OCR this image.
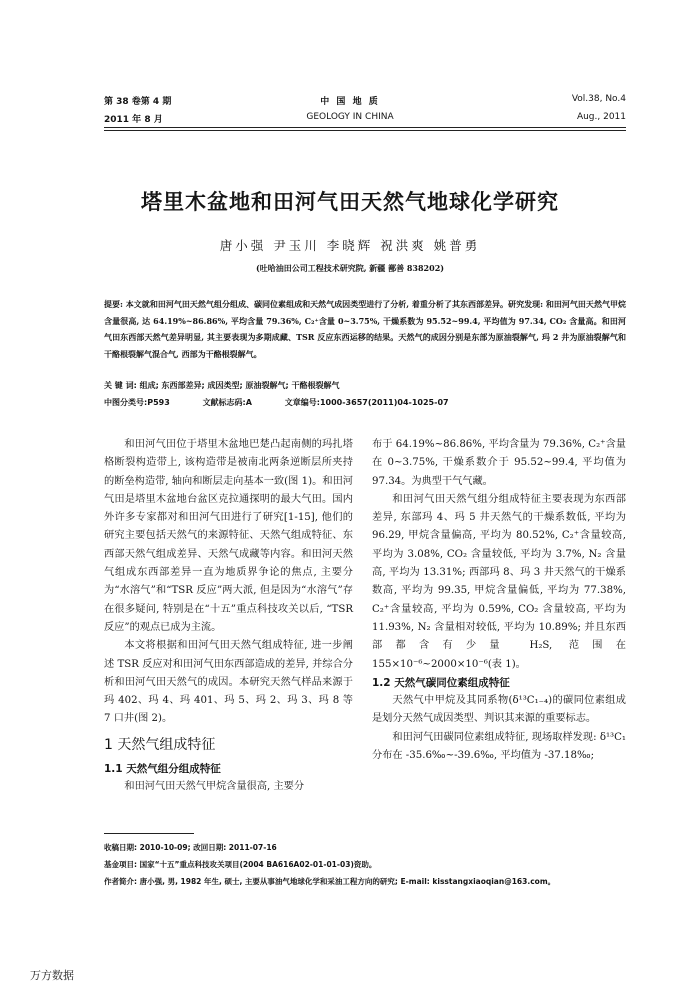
第 38 卷第 4 期
2011 年 8 月
中 国 地 质
GEOLOGY IN CHINA
Vol.38, No.4
Aug., 2011
塔里木盆地和田河气田天然气地球化学研究
唐小强 尹玉川 李晓辉 祝洪爽 姚普勇
(吐哈油田公司工程技术研究院, 新疆 鄯善 838202)
提要: 本文就和田河气田天然气组分组成、碳同位素组成和天然气成因类型进行了分析, 着重分析了其东西部差异。研究发现: 和田河气田天然气甲烷含量很高, 达 64.19%~86.86%, 平均含量 79.36%, C₂⁺含量 0~3.75%, 干燥系数为 95.52~99.4, 平均值为 97.34, CO₂ 含量高。和田河气田东西部天然气差异明显, 其主要表现为多期成藏、TSR 反应东西运移的结果。天然气的成因分别是东部为原油裂解气, 玛 2 井为原油裂解气和干酪根裂解气混合气, 西部为干酪根裂解气。
关 键 词: 组成; 东西部差异; 成因类型; 原油裂解气; 干酪根裂解气
中图分类号:P593	文献标志码:A	文章编号:1000-3657(2011)04-1025-07

和田河气田位于塔里木盆地巴楚凸起南侧的玛扎塔格断裂构造带上, 该构造带是被南北两条逆断层所夹持的断垒构造带, 轴向和断层走向基本一致(图 1)。和田河气田是塔里木盆地台盆区克拉通探明的最大气田。国内外许多专家都对和田河气田进行了研究[1-15], 他们的研究主要包括天然气的来源特征、天然气组成特征、东西部天然气组成差异、天然气成藏等内容。和田河天然气组成东西部差异一直为地质界争论的焦点, 主要分为“水溶气”和“TSR 反应”两大派, 但是因为“水溶气”存在很多疑问, 特别是在“十五”重点科技攻关以后, “TSR 反应”的观点已成为主流。

本文将根据和田河气田天然气组成特征, 进一步阐述 TSR 反应对和田河气田东西部造成的差异, 并综合分析和田河气田天然气的成因。本研究天然气样品来源于玛 402、玛 4、玛 401、玛 5、玛 2、玛 3、玛 8 等 7 口井(图 2)。

1 天然气组成特征
1.1 天然气组分组成特征

和田河气田天然气甲烷含量很高, 主要分

布于 64.19%~86.86%, 平均含量为 79.36%, C₂⁺含量在 0~3.75%, 干燥系数介于 95.52~99.4, 平均值为 97.34。为典型干气气藏。

和田河气田天然气组分组成特征主要表现为东西部差异, 东部玛 4、玛 5 井天然气的干燥系数低, 平均为 96.29, 甲烷含量偏高, 平均为 80.52%, C₂⁺含量较高, 平均为 3.08%, CO₂ 含量较低, 平均为 3.7%, N₂ 含量高, 平均为 13.31%; 西部玛 8、玛 3 井天然气的干燥系数高, 平均为 99.35, 甲烷含量偏低, 平均为 77.38%, C₂⁺含量较高, 平均为 0.59%, CO₂ 含量较高, 平均为 11.93%, N₂ 含量相对较低, 平均为 10.89%; 并且东西部都含有少量 H₂S, 范围在 155×10⁻⁶~2000×10⁻⁶(表 1)。

1.2 天然气碳同位素组成特征

天然气中甲烷及其同系物(δ¹³C₁₋₄)的碳同位素组成是划分天然气成因类型、判识其来源的重要标志。

和田河气田碳同位素组成特征, 现场取样发现: δ¹³C₁ 分布在 -35.6‰~-39.6‰, 平均值为 -37.18‰;

收稿日期: 2010-10-09; 改回日期: 2011-07-16
基金项目: 国家“十五”重点科技攻关项目(2004 BA616A02-01-01-03)资助。
作者简介: 唐小强, 男, 1982 年生, 硕士, 主要从事油气地球化学和采油工程方向的研究; E-mail: kisstangxiaoqian@163.com。
万方数据
